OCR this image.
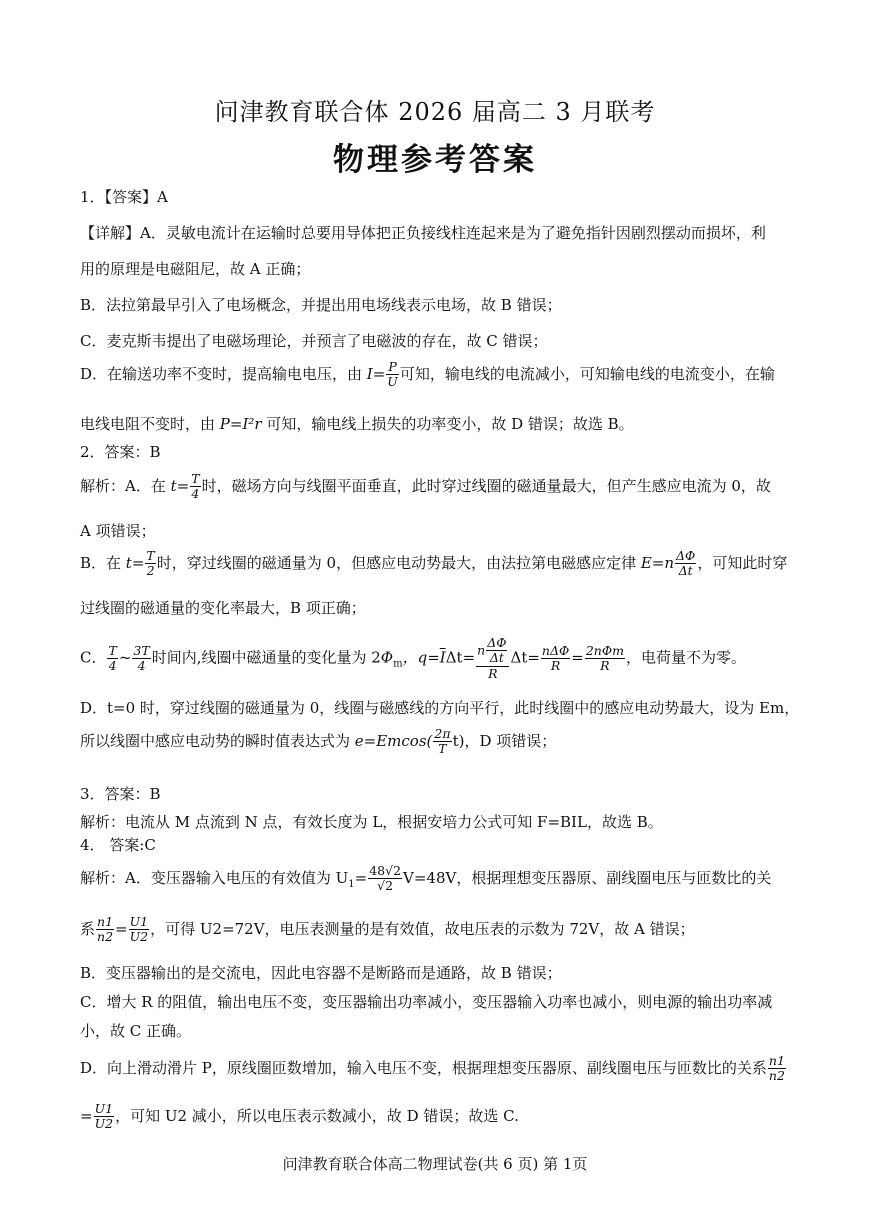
问津教育联合体 2026 届高二 3 月联考
物理参考答案
1．【答案】A
【详解】A．灵敏电流计在运输时总要用导体把正负接线柱连起来是为了避免指针因剧烈摆动而损坏，利
用的原理是电磁阻尼，故 A 正确；
B．法拉第最早引入了电场概念，并提出用电场线表示电场，故 B 错误；
C．麦克斯韦提出了电磁场理论，并预言了电磁波的存在，故 C 错误；
D．在输送功率不变时，提高输电电压，由 $I= \frac{P}{U}$ 可知，输电线的电流减小，可知输电线的电流变小，在输
电线电阻不变时，由 P=I²r 可知，输电线上损失的功率变小，故 D 错误；故选 B。
2．答案：B
解析：A．在 $t= \frac{T}{4}$ 时，磁场方向与线圈平面垂直，此时穿过线圈的磁通量最大，但产生感应电流为 0，故
A 项错误；
B．在 $t= \frac{T}{2}$ 时，穿过线圈的磁通量为 0，但感应电动势最大，由法拉第电磁感应定律 $E=n \frac{\Delta\Phi}{\Delta t}$ ，可知此时穿
过线圈的磁通量的变化率最大，B 项正确；
C． $\frac{T}{4}$ ~ $\frac{3T}{4}$ 时间内,线圈中磁通量的变化量为 $2\Phi_m$，$q=\overline{I}\Delta t= \frac{n \frac{\Delta\Phi}{\Delta t}}{R} \Delta t= \frac{\text{nΔΦ}}{R} = \frac{\text{2nΦm}}{R}$ ，电荷量不为零。
D．t=0 时，穿过线圈的磁通量为 0，线圈与磁感线的方向平行，此时线圈中的感应电动势最大，设为 Em，
所以线圈中感应电动势的瞬时值表达式为 $e=Emcos( \frac{2\pi}{T} t)$，D 项错误；
3．答案：B
解析：电流从 M 点流到 N 点，有效长度为 L，根据安培力公式可知 F=BIL，故选 B。
4． 答案:C
解析：A．变压器输入电压的有效值为 $U_1= \frac{48√2}{√2} V=48V$，根据理想变压器原、副线圈电压与匝数比的关
系 $\frac{n1}{n2} = \frac{U1}{U2}$ ，可得 U2=72V，电压表测量的是有效值，故电压表的示数为 72V，故 A 错误；
B．变压器输出的是交流电，因此电容器不是断路而是通路，故 B 错误；
C．增大 R 的阻值，输出电压不变，变压器输出功率减小，变压器输入功率也减小，则电源的输出功率减
小，故 C 正确。
D．向上滑动滑片 P，原线圈匝数增加，输入电压不变，根据理想变压器原、副线圈电压与匝数比的关系 $\frac{n1}{n2}$
= $\frac{U1}{U2}$ ，可知 U2 减小，所以电压表示数减小，故 D 错误；故选 C.
问津教育联合体高二物理试卷(共 6 页) 第 1页
